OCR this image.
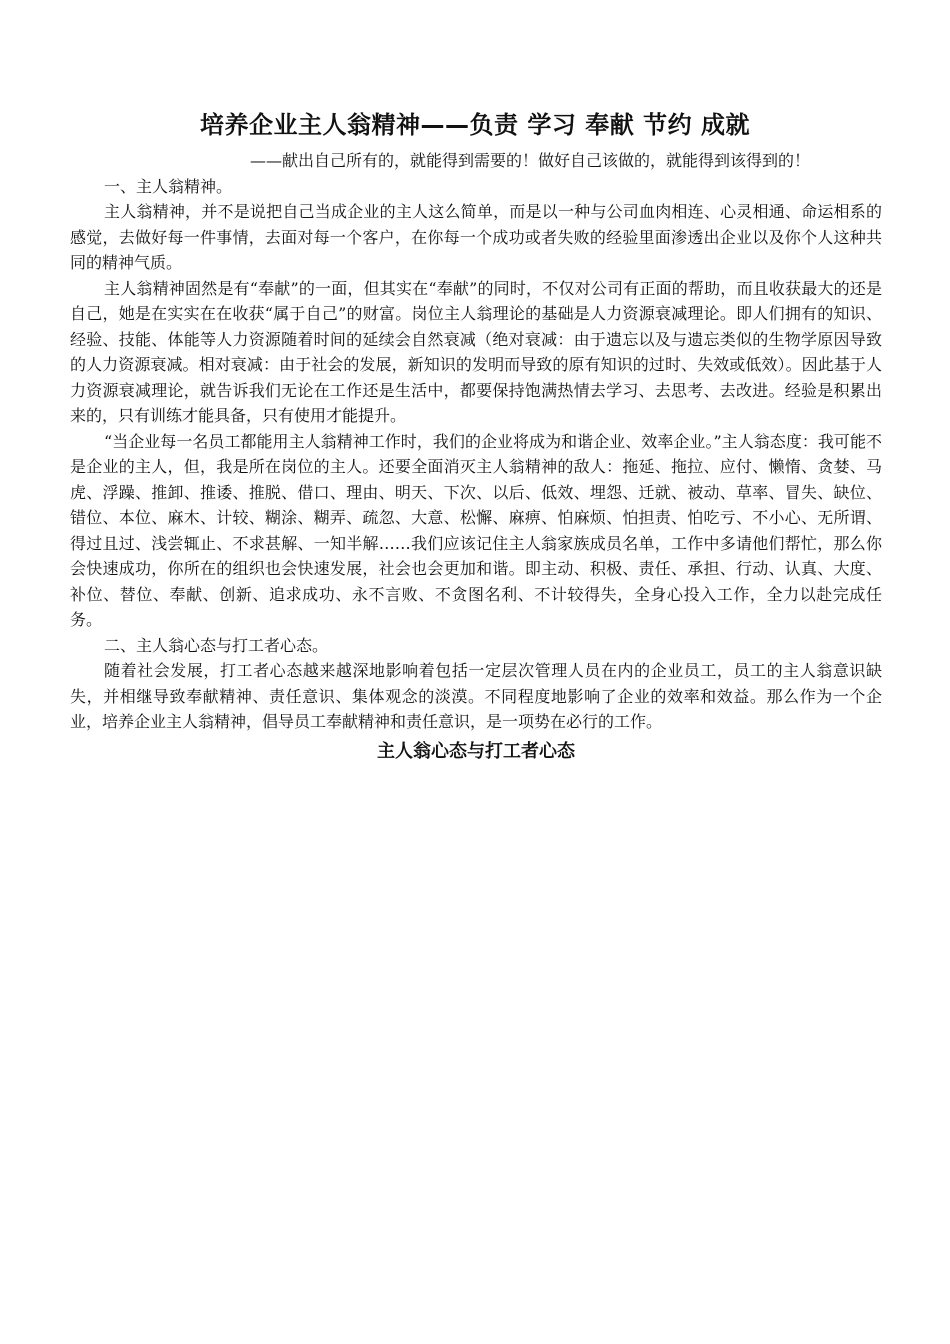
培养企业主人翁精神——负责 学习 奉献 节约 成就

——献出自己所有的，就能得到需要的！做好自己该做的，就能得到该得到的！

一、主人翁精神。

主人翁精神，并不是说把自己当成企业的主人这么简单，而是以一种与公司血肉相连、心灵相通、命运相系的感觉，去做好每一件事情，去面对每一个客户，在你每一个成功或者失败的经验里面渗透出企业以及你个人这种共同的精神气质。

主人翁精神固然是有“奉献”的一面，但其实在“奉献”的同时，不仅对公司有正面的帮助，而且收获最大的还是自己，她是在实实在在收获“属于自己”的财富。岗位主人翁理论的基础是人力资源衰减理论。即人们拥有的知识、经验、技能、体能等人力资源随着时间的延续会自然衰减（绝对衰减：由于遗忘以及与遗忘类似的生物学原因导致的人力资源衰减。相对衰减：由于社会的发展，新知识的发明而导致的原有知识的过时、失效或低效）。因此基于人力资源衰减理论，就告诉我们无论在工作还是生活中，都要保持饱满热情去学习、去思考、去改进。经验是积累出来的，只有训练才能具备，只有使用才能提升。

“当企业每一名员工都能用主人翁精神工作时，我们的企业将成为和谐企业、效率企业。”主人翁态度：我可能不是企业的主人，但，我是所在岗位的主人。还要全面消灭主人翁精神的敌人：拖延、拖拉、应付、懒惰、贪婪、马虎、浮躁、推卸、推诿、推脱、借口、理由、明天、下次、以后、低效、埋怨、迁就、被动、草率、冒失、缺位、错位、本位、麻木、计较、糊涂、糊弄、疏忽、大意、松懈、麻痹、怕麻烦、怕担责、怕吃亏、不小心、无所谓、得过且过、浅尝辄止、不求甚解、一知半解……我们应该记住主人翁家族成员名单，工作中多请他们帮忙，那么你会快速成功，你所在的组织也会快速发展，社会也会更加和谐。即主动、积极、责任、承担、行动、认真、大度、补位、替位、奉献、创新、追求成功、永不言败、不贪图名利、不计较得失，全身心投入工作，全力以赴完成任务。

二、主人翁心态与打工者心态。

随着社会发展，打工者心态越来越深地影响着包括一定层次管理人员在内的企业员工，员工的主人翁意识缺失，并相继导致奉献精神、责任意识、集体观念的淡漠。不同程度地影响了企业的效率和效益。那么作为一个企业，培养企业主人翁精神，倡导员工奉献精神和责任意识，是一项势在必行的工作。

主人翁心态与打工者心态
